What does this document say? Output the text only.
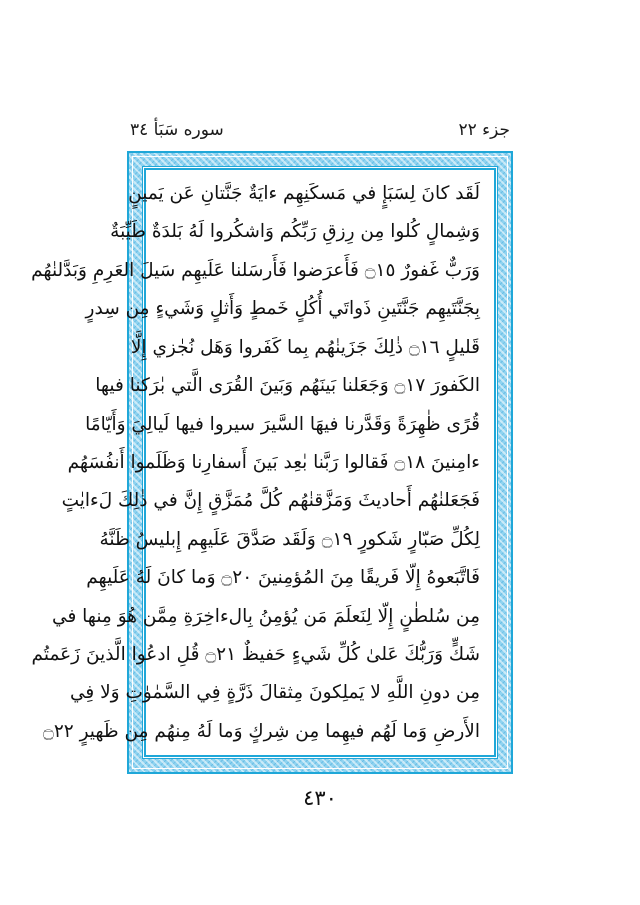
جزء ٢٢
سوره سَبَأ ٣٤
لَقَد كانَ لِسَبَإٍ في مَسكَنِهِم ءايَةٌ جَنَّتانِ عَن يَمينٍ
وَشِمالٍ كُلوا مِن رِزقِ رَبِّكُم وَاشكُروا لَهُ بَلدَةٌ طَيِّبَةٌ
وَرَبٌّ غَفورٌ ۝١٥ فَأَعرَضوا فَأَرسَلنا عَلَيهِم سَيلَ العَرِمِ وَبَدَّلنٰهُم
بِجَنَّتَيهِم جَنَّتَينِ ذَواتَي أُكُلٍ خَمطٍ وَأَثلٍ وَشَيءٍ مِن سِدرٍ
قَليلٍ ۝١٦ ذٰلِكَ جَزَينٰهُم بِما كَفَروا وَهَل نُجٰزي إِلَّا
الكَفورَ ۝١٧ وَجَعَلنا بَينَهُم وَبَينَ القُرَى الَّتي بٰرَكنا فيها
قُرًى ظٰهِرَةً وَقَدَّرنا فيهَا السَّيرَ سيروا فيها لَيالِيَ وَأَيّامًا
ءامِنينَ ۝١٨ فَقالوا رَبَّنا بٰعِد بَينَ أَسفارِنا وَظَلَموا أَنفُسَهُم
فَجَعَلنٰهُم أَحاديثَ وَمَزَّقنٰهُم كُلَّ مُمَزَّقٍ إِنَّ في ذٰلِكَ لَءايٰتٍ
لِكُلِّ صَبّارٍ شَكورٍ ۝١٩ وَلَقَد صَدَّقَ عَلَيهِم إِبليسُ ظَنَّهُ
فَاتَّبَعوهُ إِلّا فَريقًا مِنَ المُؤمِنينَ ۝٢٠ وَما كانَ لَهُ عَلَيهِم
مِن سُلطٰنٍ إِلّا لِنَعلَمَ مَن يُؤمِنُ بِالءاخِرَةِ مِمَّن هُوَ مِنها في
شَكٍّ وَرَبُّكَ عَلىٰ كُلِّ شَيءٍ حَفيظٌ ۝٢١ قُلِ ادعُوا الَّذينَ زَعَمتُم
مِن دونِ اللَّهِ لا يَملِكونَ مِثقالَ ذَرَّةٍ فِي السَّمٰوٰتِ وَلا فِي
الأَرضِ وَما لَهُم فيهِما مِن شِركٍ وَما لَهُ مِنهُم مِن ظَهيرٍ ۝٢٢
٤٣٠
